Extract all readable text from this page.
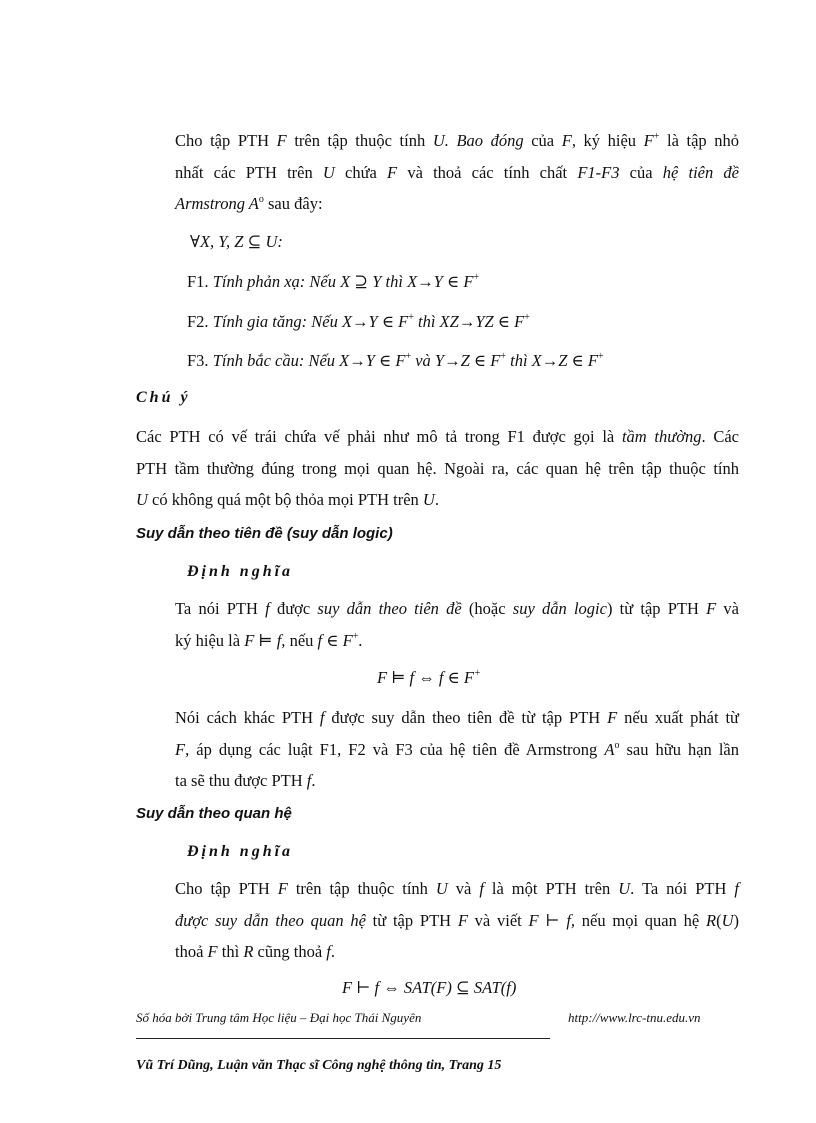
Cho tập PTH F trên tập thuộc tính U. Bao đóng của F, ký hiệu F+ là tập nhỏ
nhất các PTH trên U chứa F và thoả các tính chất F1-F3 của hệ tiên đề
Armstrong $A^o$ sau đây:
∀X, Y, Z ⊆ U:
F1. Tính phản xạ: Nếu X ⊇ Y thì X→Y ∈ F+
F2. Tính gia tăng: Nếu X→Y ∈ F+ thì XZ→YZ ∈ F+
F3. Tính bắc cầu: Nếu X→Y ∈ F+ và Y→Z ∈ F+ thì X→Z ∈ F+
Chú ý
Các PTH có vế trái chứa vế phải như mô tả trong F1 được gọi là tầm thường. Các
PTH tầm thường đúng trong mọi quan hệ. Ngoài ra, các quan hệ trên tập thuộc tính
U có không quá một bộ thỏa mọi PTH trên U.
Suy dẫn theo tiên đề (suy dẫn logic)
Định nghĩa
Ta nói PTH f được suy dẫn theo tiên đề (hoặc suy dẫn logic) từ tập PTH F và
ký hiệu là F ⊨ f, nếu f ∈ F+.
F ⊨ f ⇔ f ∈ F+
Nói cách khác PTH f được suy dẫn theo tiên đề từ tập PTH F nếu xuất phát từ
F, áp dụng các luật F1, F2 và F3 của hệ tiên đề Armstrong $A^o$ sau hữu hạn lần
ta sẽ thu được PTH f.
Suy dẫn theo quan hệ
Định nghĩa
Cho tập PTH F trên tập thuộc tính U và f là một PTH trên U. Ta nói PTH f
được suy dẫn theo quan hệ từ tập PTH F và viết F ⊢ f, nếu mọi quan hệ R(U)
thoả F thì R cũng thoả f.
F ⊢ f ⇔ SAT(F) ⊆ SAT(f)
Số hóa bởi Trung tâm Học liệu – Đại học Thái Nguyên	http://www.lrc-tnu.edu.vn
Vũ Trí Dũng, Luận văn Thạc sĩ Công nghệ thông tin, Trang 15
